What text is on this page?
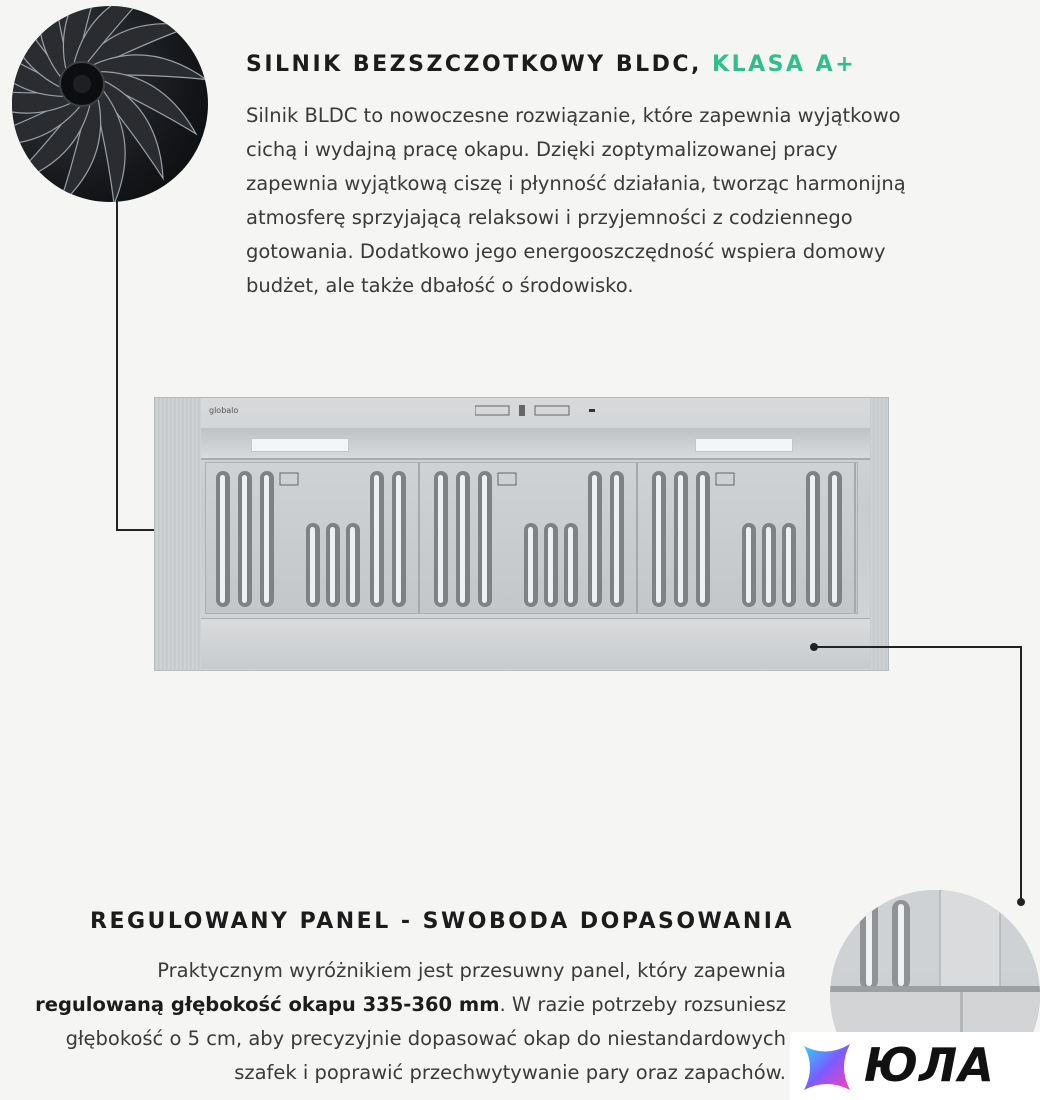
SILNIK BEZSZCZOTKOWY BLDC, KLASA A+
Silnik BLDC to nowoczesne rozwiązanie, które zapewnia wyjątkowo
cichą i wydajną pracę okapu. Dzięki zoptymalizowanej pracy
zapewnia wyjątkową ciszę i płynność działania, tworząc harmonijną
atmosferę sprzyjającą relaksowi i przyjemności z codziennego
gotowania. Dodatkowo jego energooszczędność wspiera domowy
budżet, ale także dbałość o środowisko.
globalo
REGULOWANY PANEL - SWOBODA DOPASOWANIA
Praktycznym wyróżnikiem jest przesuwny panel, który zapewnia
regulowaną głębokość okapu 335-360 mm. W razie potrzeby rozsuniesz
głębokość o 5 cm, aby precyzyjnie dopasować okap do niestandardowych
szafek i poprawić przechwytywanie pary oraz zapachów. ЮЛА
